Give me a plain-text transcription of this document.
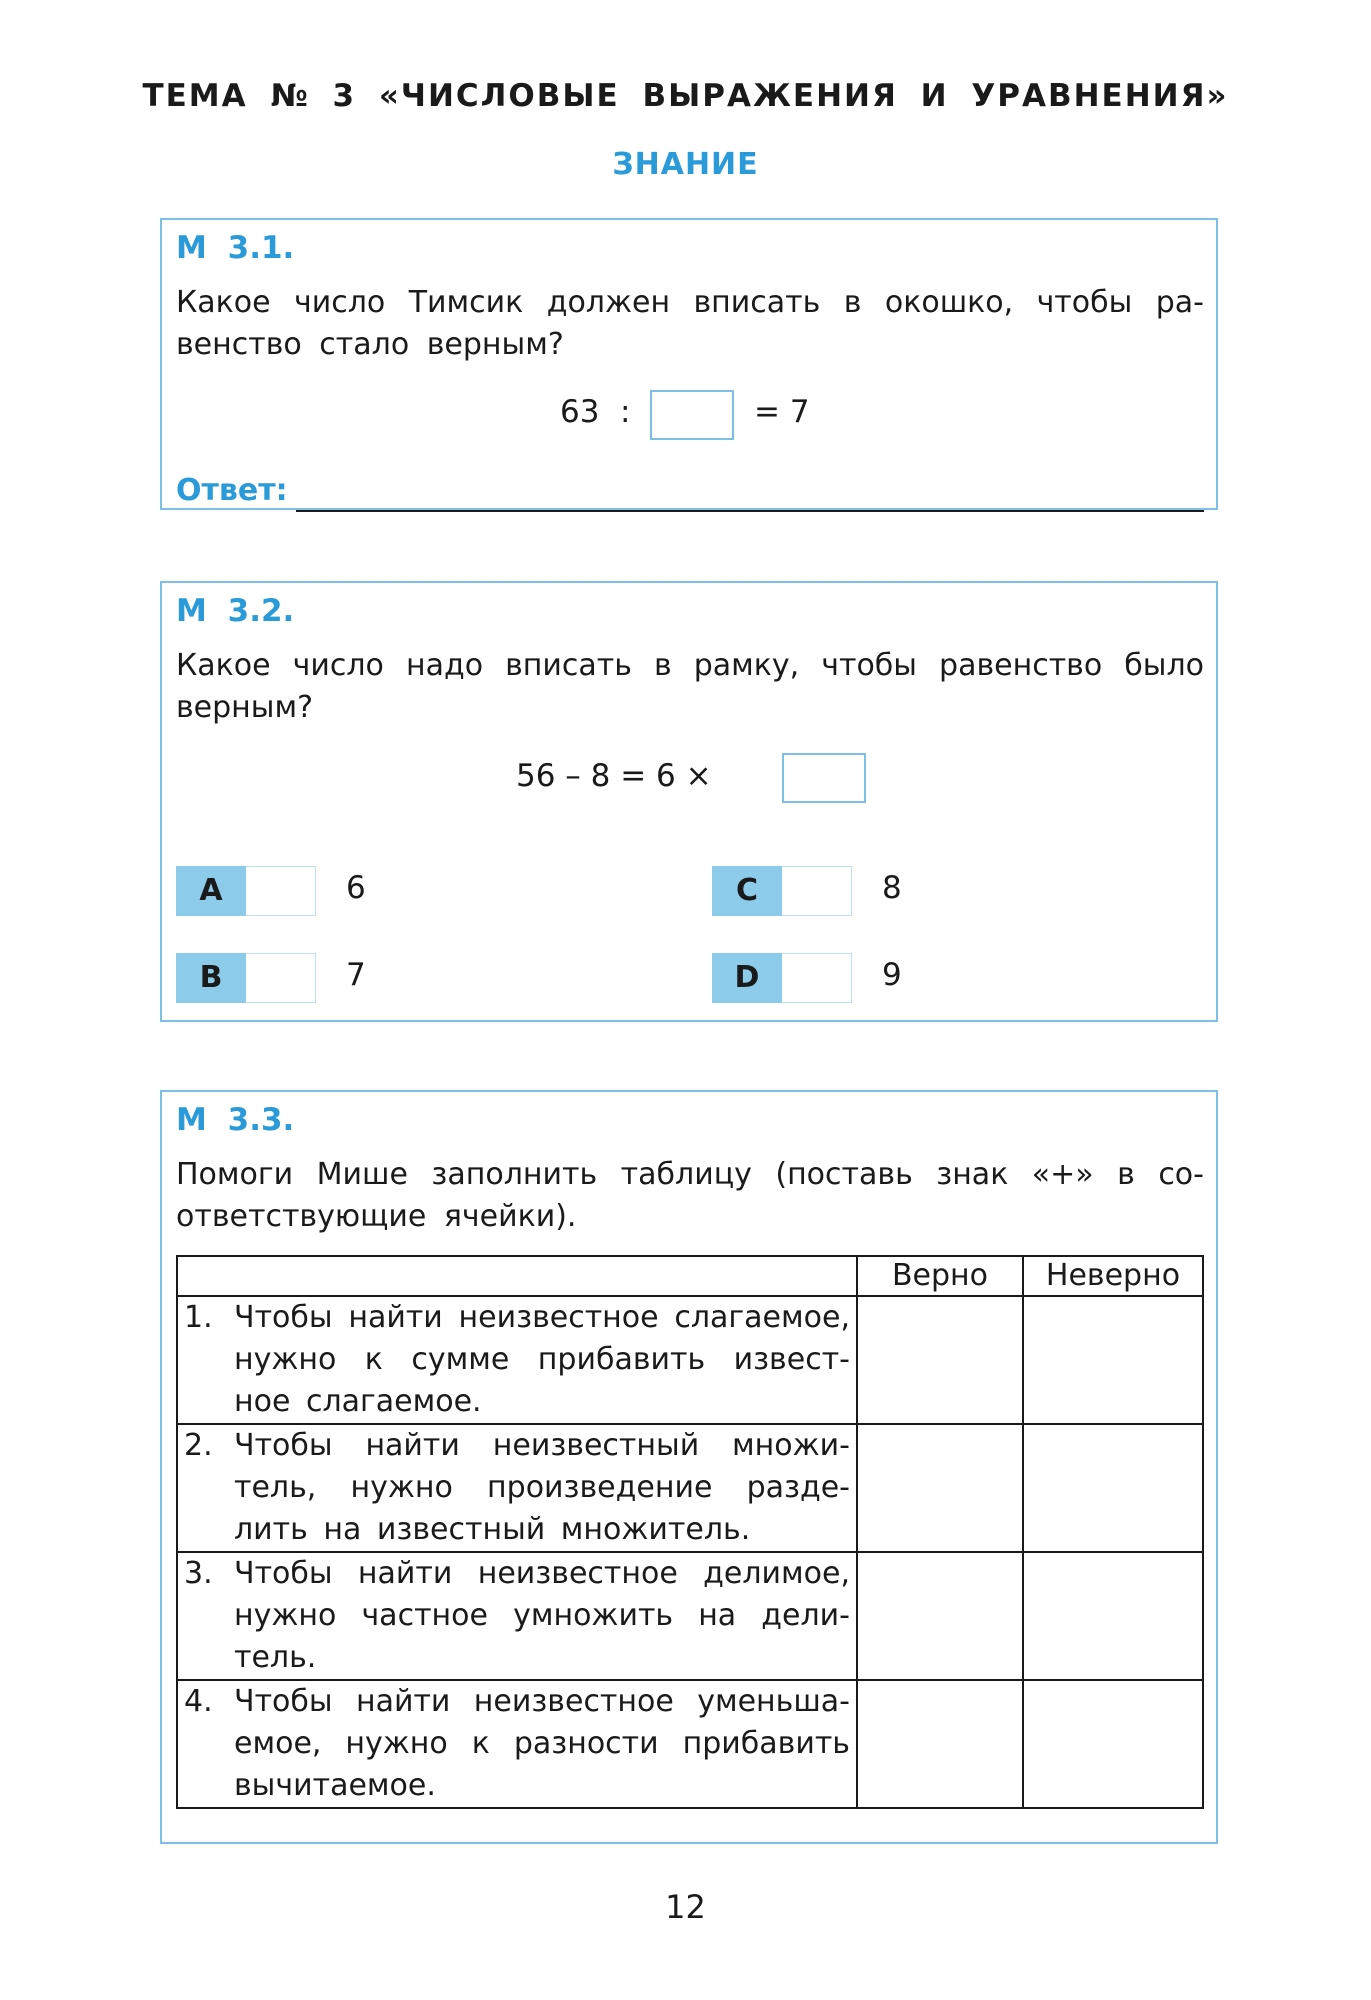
ТЕМА № 3 «ЧИСЛОВЫЕ ВЫРАЖЕНИЯ И УРАВНЕНИЯ»
ЗНАНИЕ
М 3.1.
Какое число Тимсик должен вписать в окошко, чтобы ра-венство стало верным?
63 :	= 7
Ответ:
М 3.2.
Какое число надо вписать в рамку, чтобы равенство было верным?
56 – 8 = 6 ×
A	6	C	8
B	7	D	9
М 3.3.
Помоги Мише заполнить таблицу (поставь знак «+» в со-ответствующие ячейки).
	Верно	Неверно

1. Чтобы найти неизвестное слагаемое, нужно к сумме прибавить извест-ное слагаемое.		

2. Чтобы найти неизвестный множи-тель, нужно произведение разде-лить на известный множитель.		

3. Чтобы найти неизвестное делимое, нужно частное умножить на дели-тель.		

4. Чтобы найти неизвестное уменьша-емое, нужно к разности прибавить вычитаемое.		

12
